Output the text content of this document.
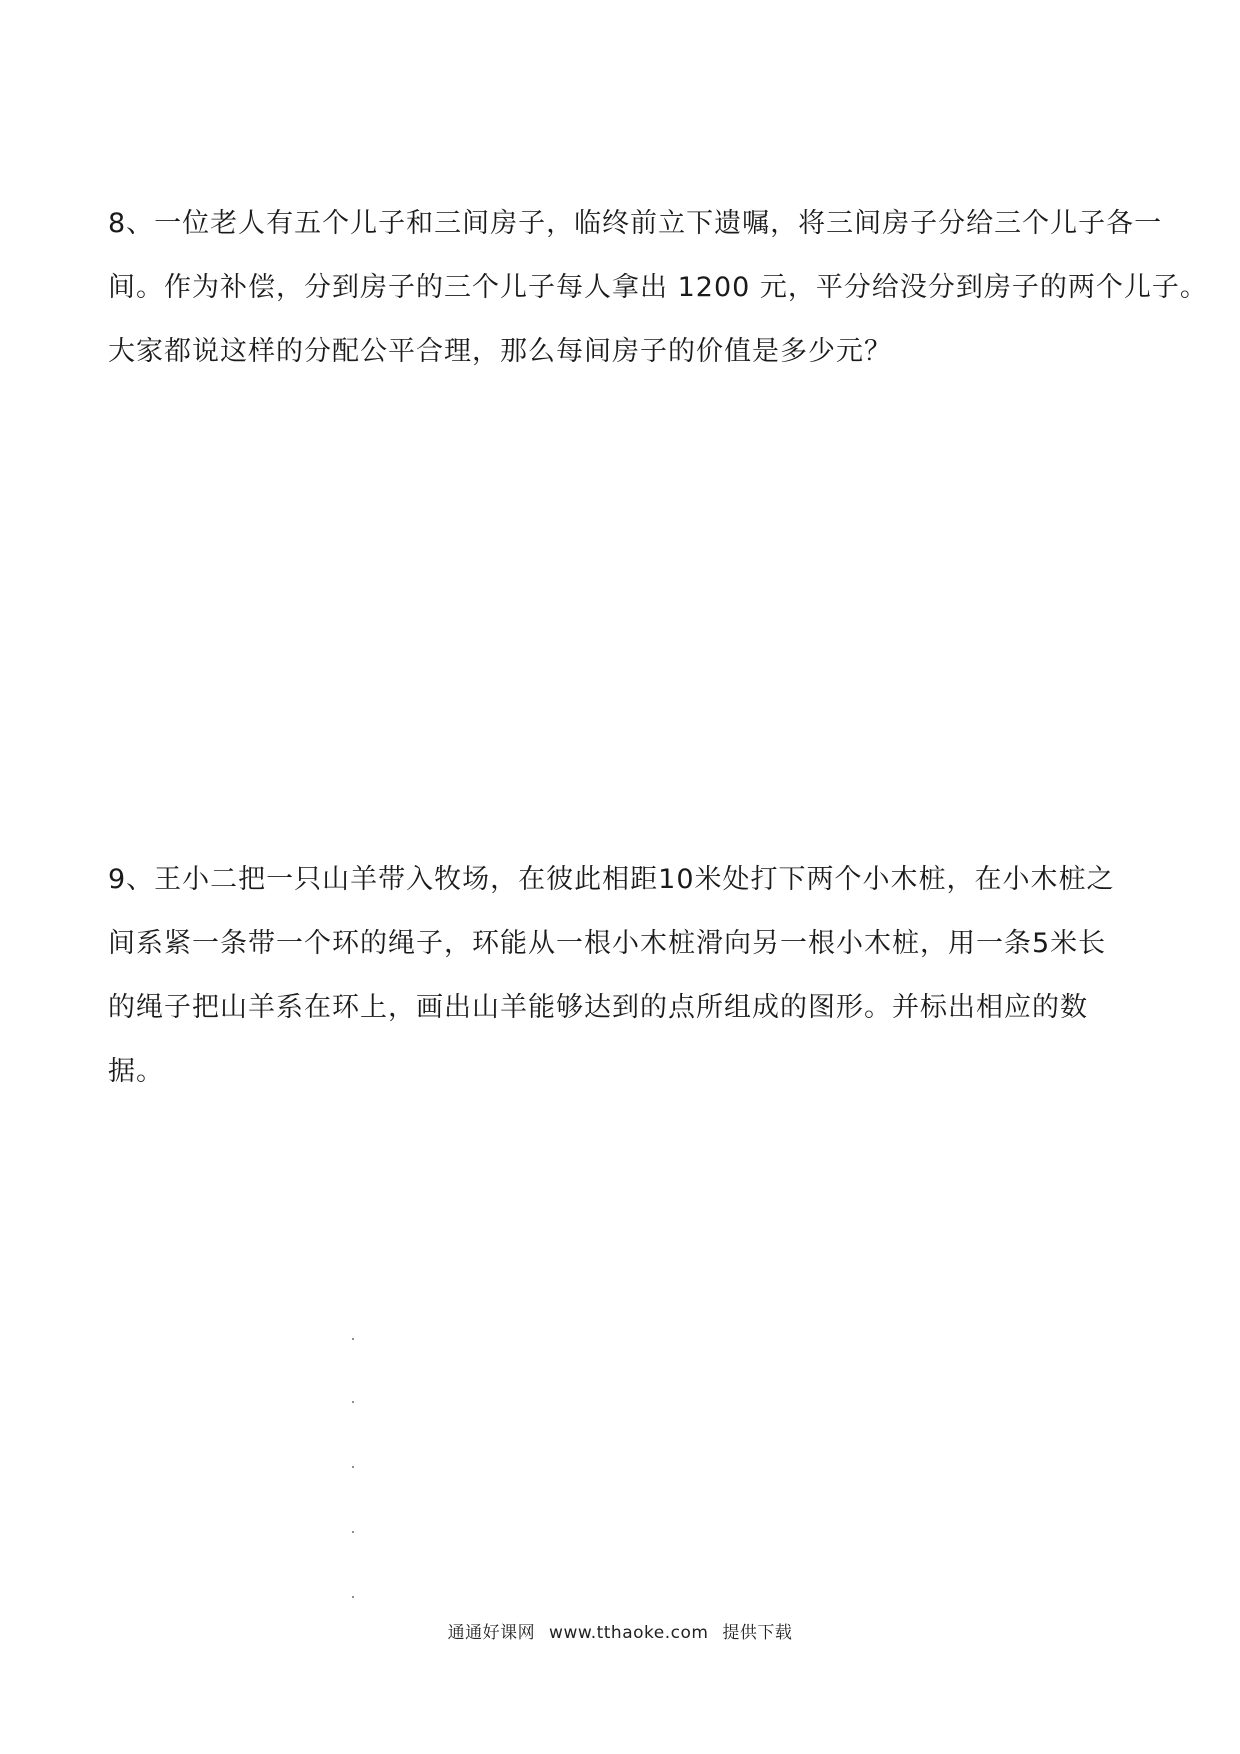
8、一位老人有五个儿子和三间房子，临终前立下遗嘱，将三间房子分给三个儿子各一
间。作为补偿，分到房子的三个儿子每人拿出 1200 元，平分给没分到房子的两个儿子。
大家都说这样的分配公平合理，那么每间房子的价值是多少元？
9、王小二把一只山羊带入牧场，在彼此相距10米处打下两个小木桩，在小木桩之
间系紧一条带一个环的绳子，环能从一根小木桩滑向另一根小木桩，用一条5米长
的绳子把山羊系在环上，画出山羊能够达到的点所组成的图形。并标出相应的数
据。
通通好课网 www.tthaoke.com 提供下载
